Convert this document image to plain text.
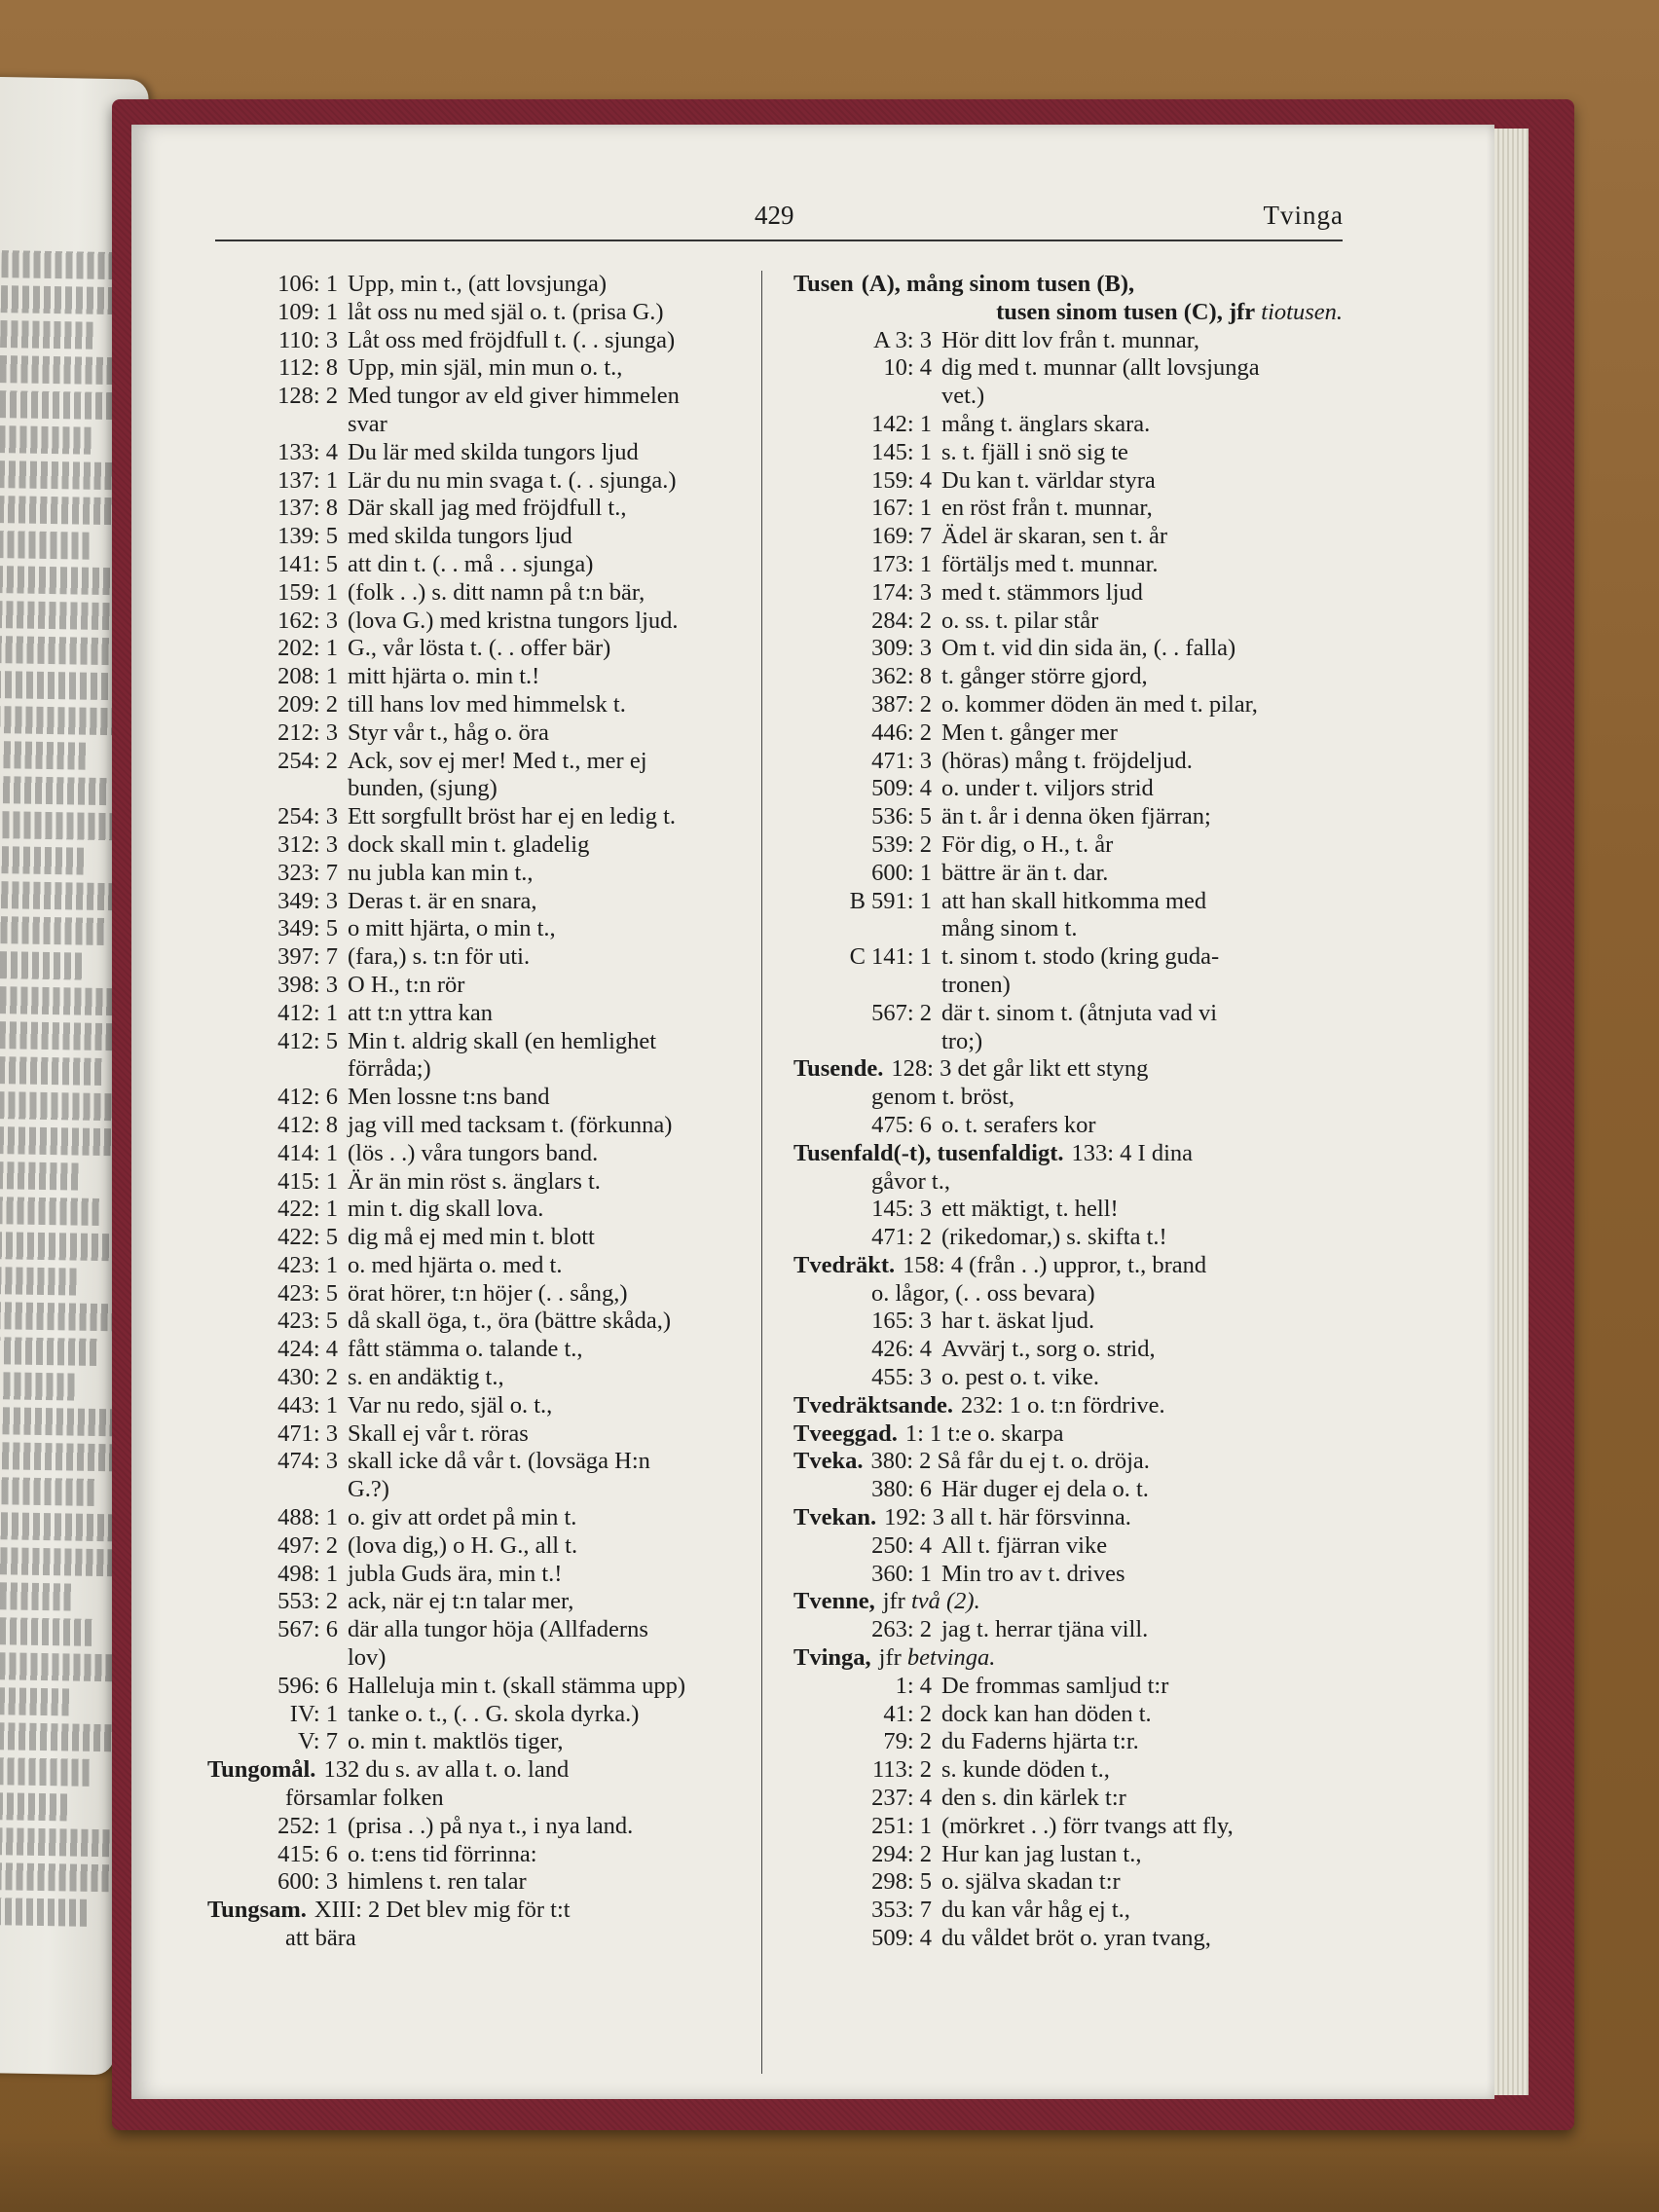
429	Tvinga
106: 1 Upp, min t., (att lovsjunga)
109: 1 låt oss nu med själ o. t. (prisa G.)
110: 3 Låt oss med fröjdfull t. (. . sjunga)
112: 8 Upp, min själ, min mun o. t.,
128: 2 Med tungor av eld giver himmelen
svar
133: 4 Du lär med skilda tungors ljud
137: 1 Lär du nu min svaga t. (. . sjunga.)
137: 8 Där skall jag med fröjdfull t.,
139: 5 med skilda tungors ljud
141: 5 att din t. (. . må . . sjunga)
159: 1 (folk . .) s. ditt namn på t:n bär,
162: 3 (lova G.) med kristna tungors ljud.
202: 1 G., vår lösta t. (. . offer bär)
208: 1 mitt hjärta o. min t.!
209: 2 till hans lov med himmelsk t.
212: 3 Styr vår t., håg o. öra
254: 2 Ack, sov ej mer! Med t., mer ej
bunden, (sjung)
254: 3 Ett sorgfullt bröst har ej en ledig t.
312: 3 dock skall min t. gladelig
323: 7 nu jubla kan min t.,
349: 3 Deras t. är en snara,
349: 5 o mitt hjärta, o min t.,
397: 7 (fara,) s. t:n för uti.
398: 3 O H., t:n rör
412: 1 att t:n yttra kan
412: 5 Min t. aldrig skall (en hemlighet
förråda;)
412: 6 Men lossne t:ns band
412: 8 jag vill med tacksam t. (förkunna)
414: 1 (lös . .) våra tungors band.
415: 1 Är än min röst s. änglars t.
422: 1 min t. dig skall lova.
422: 5 dig må ej med min t. blott
423: 1 o. med hjärta o. med t.
423: 5 örat hörer, t:n höjer (. . sång,)
423: 5 då skall öga, t., öra (bättre skåda,)
424: 4 fått stämma o. talande t.,
430: 2 s. en andäktig t.,
443: 1 Var nu redo, själ o. t.,
471: 3 Skall ej vår t. röras
474: 3 skall icke då vår t. (lovsäga H:n
G.?)
488: 1 o. giv att ordet på min t.
497: 2 (lova dig,) o H. G., all t.
498: 1 jubla Guds ära, min t.!
553: 2 ack, när ej t:n talar mer,
567: 6 där alla tungor höja (Allfaderns
lov)
596: 6 Halleluja min t. (skall stämma upp)
IV: 1 tanke o. t., (. . G. skola dyrka.)
V: 7 o. min t. maktlös tiger,
Tungomål. 132 du s. av alla t. o. land
församlar folken
252: 1 (prisa . .) på nya t., i nya land.
415: 6 o. t:ens tid förrinna:
600: 3 himlens t. ren talar
Tungsam. XIII: 2 Det blev mig för t:t
att bära
Tusen (A), mång sinom tusen (B),
tusen sinom tusen (C), jfr tiotusen.
A 3: 3 Hör ditt lov från t. munnar,
10: 4 dig med t. munnar (allt lovsjunga
vet.)
142: 1 mång t. änglars skara.
145: 1 s. t. fjäll i snö sig te
159: 4 Du kan t. världar styra
167: 1 en röst från t. munnar,
169: 7 Ädel är skaran, sen t. år
173: 1 förtäljs med t. munnar.
174: 3 med t. stämmors ljud
284: 2 o. ss. t. pilar står
309: 3 Om t. vid din sida än, (. . falla)
362: 8 t. gånger större gjord,
387: 2 o. kommer döden än med t. pilar,
446: 2 Men t. gånger mer
471: 3 (höras) mång t. fröjdeljud.
509: 4 o. under t. viljors strid
536: 5 än t. år i denna öken fjärran;
539: 2 För dig, o H., t. år
600: 1 bättre är än t. dar.
B 591: 1 att han skall hitkomma med
mång sinom t.
C 141: 1 t. sinom t. stodo (kring guda-
tronen)
567: 2 där t. sinom t. (åtnjuta vad vi
tro;)
Tusende. 128: 3 det går likt ett styng
genom t. bröst,
475: 6 o. t. serafers kor
Tusenfald(-t), tusenfaldigt. 133: 4 I dina
gåvor t.,
145: 3 ett mäktigt, t. hell!
471: 2 (rikedomar,) s. skifta t.!
Tvedräkt. 158: 4 (från . .) uppror, t., brand
o. lågor, (. . oss bevara)
165: 3 har t. äskat ljud.
426: 4 Avvärj t., sorg o. strid,
455: 3 o. pest o. t. vike.
Tvedräktsande. 232: 1 o. t:n fördrive.
Tveeggad. 1: 1 t:e o. skarpa
Tveka. 380: 2 Så får du ej t. o. dröja.
380: 6 Här duger ej dela o. t.
Tvekan. 192: 3 all t. här försvinna.
250: 4 All t. fjärran vike
360: 1 Min tro av t. drives
Tvenne, jfr två (2).
263: 2 jag t. herrar tjäna vill.
Tvinga, jfr betvinga.
1: 4 De frommas samljud t:r
41: 2 dock kan han döden t.
79: 2 du Faderns hjärta t:r.
113: 2 s. kunde döden t.,
237: 4 den s. din kärlek t:r
251: 1 (mörkret . .) förr tvangs att fly,
294: 2 Hur kan jag lustan t.,
298: 5 o. själva skadan t:r
353: 7 du kan vår håg ej t.,
509: 4 du våldet bröt o. yran tvang,
